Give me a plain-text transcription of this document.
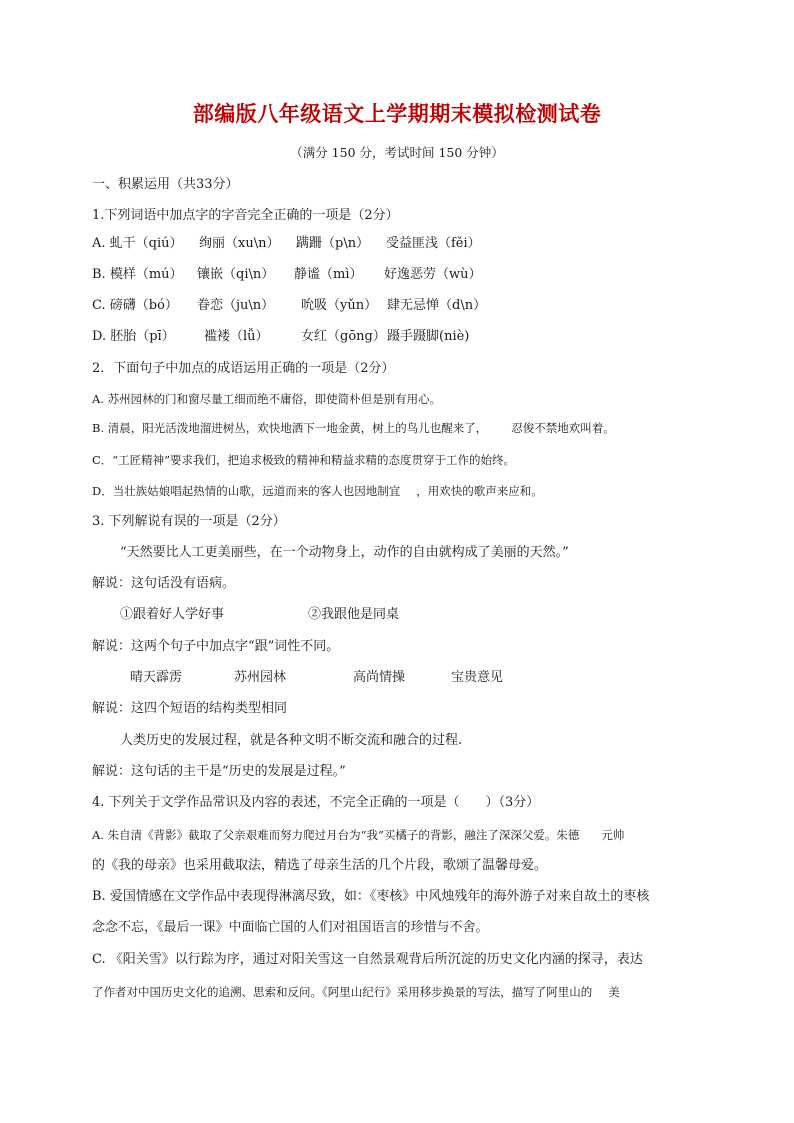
部编版八年级语文上学期期末模拟检测试卷
（满分 150 分，考试时间 150 分钟）
一、积累运用（共33分）
1.下列词语中加点字的字音完全正确的一项是（2分）
A. 虬干（qiú） 绚丽（xu\n） 蹒跚（p\n） 受益匪浅（fěi）
B. 模样（mú） 镶嵌（qi\n） 静谧（mì） 好逸恶劳（wù）
C. 磅礴（bó） 眷恋（ju\n） 吮吸（yǔn） 肆无忌惮（d\n）
D. 胚胎（pī） 褴褛（lǚ） 女红（gōng）蹑手蹑脚(niè)
2．下面句子中加点的成语运用正确的一项是（2分）
A. 苏州园林的门和窗尽量工细而绝不庸俗，即使简朴但是别有用心。
B. 清晨，阳光活泼地溜进树丛，欢快地洒下一地金黄，树上的鸟儿也醒来了， 忍俊不禁地欢叫着。
C．“工匠精神”要求我们，把追求极致的精神和精益求精的态度贯穿于工作的始终。
D．当壮族姑娘唱起热情的山歌，远道而来的客人也因地制宜 ，用欢快的歌声来应和。
3. 下列解说有误的一项是（2分）
“天然要比人工更美丽些，在一个动物身上，动作的自由就构成了美丽的天然。”
解说：这句话没有语病。
①跟着好人学好事	②我跟他是同桌
解说：这两个句子中加点字“跟”词性不同。
晴天霹雳	苏州园林	高尚情操	宝贵意见
解说：这四个短语的结构类型相同
人类历史的发展过程，就是各种文明不断交流和融合的过程.
解说：这句话的主干是“历史的发展是过程。”
4. 下列关于文学作品常识及内容的表述，不完全正确的一项是（　　）（3分）
A. 朱自清《背影》截取了父亲艰难而努力爬过月台为“我”买橘子的背影，融注了深深父爱。朱德 元帅
的《我的母亲》也采用截取法，精选了母亲生活的几个片段，歌颂了温馨母爱。
B. 爱国情感在文学作品中表现得淋漓尽致，如：《枣核》中风烛残年的海外游子对来自故土的枣核
念念不忘，《最后一课》中面临亡国的人们对祖国语言的珍惜与不舍。
C. 《阳关雪》以行踪为序，通过对阳关雪这一自然景观背后所沉淀的历史文化内涵的探寻，表达
了作者对中国历史文化的追溯、思索和反问。《阿里山纪行》采用移步换景的写法，描写了阿里山的 美
